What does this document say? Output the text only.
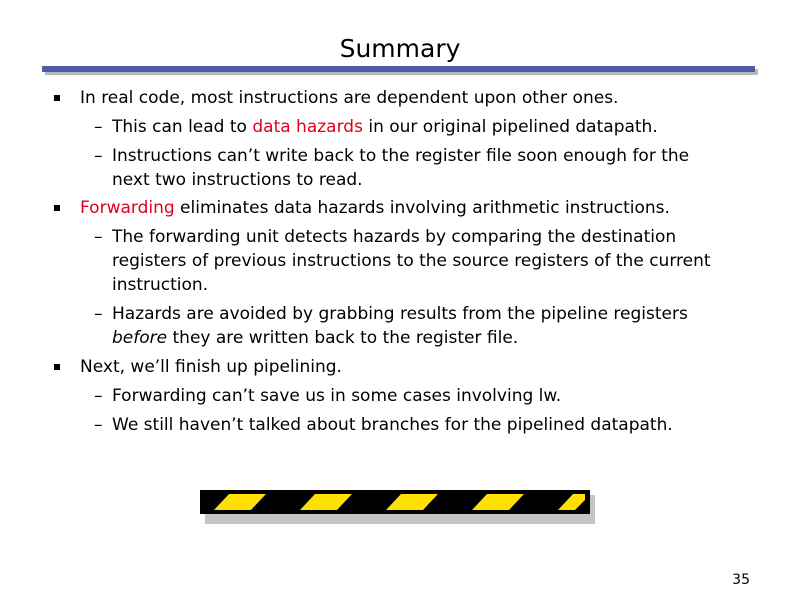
Summary
In real code, most instructions are dependent upon other ones.
– This can lead to data hazards in our original pipelined datapath.
– Instructions can’t write back to the register file soon enough for the
next two instructions to read.
Forwarding eliminates data hazards involving arithmetic instructions.
– The forwarding unit detects hazards by comparing the destination
registers of previous instructions to the source registers of the current
instruction.
– Hazards are avoided by grabbing results from the pipeline registers
before they are written back to the register file.
Next, we’ll finish up pipelining.
– Forwarding can’t save us in some cases involving lw.
– We still haven’t talked about branches for the pipelined datapath.
35
